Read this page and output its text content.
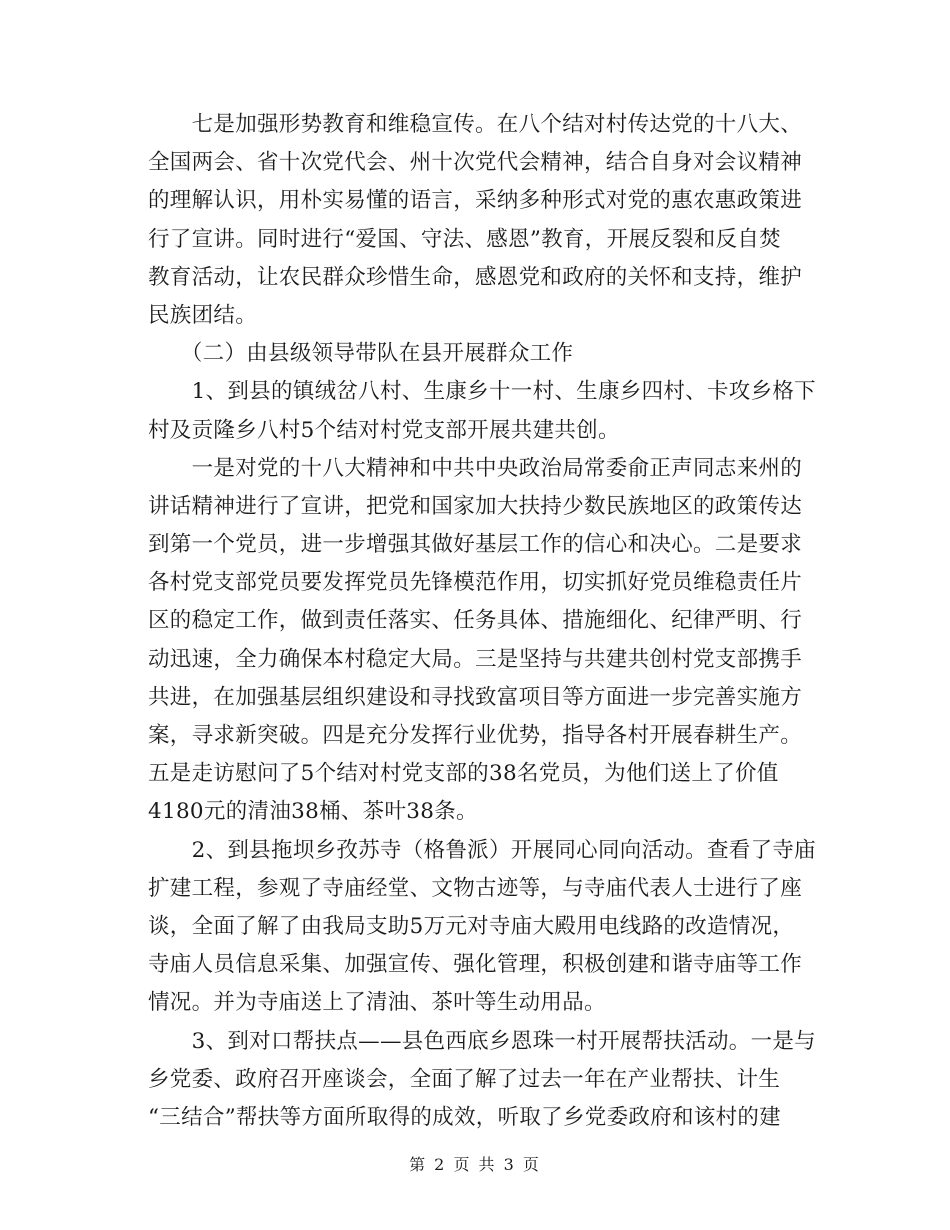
　　七是加强形势教育和维稳宣传。在八个结对村传达党的十八大、
全国两会、省十次党代会、州十次党代会精神，结合自身对会议精神
的理解认识，用朴实易懂的语言，采纳多种形式对党的惠农惠政策进
行了宣讲。同时进行“爱国、守法、感恩”教育，开展反裂和反自焚
教育活动，让农民群众珍惜生命，感恩党和政府的关怀和支持，维护
民族团结。
　　（二）由县级领导带队在县开展群众工作
　　1、到县的镇绒岔八村、生康乡十一村、生康乡四村、卡攻乡格下
村及贡隆乡八村5个结对村党支部开展共建共创。
　　一是对党的十八大精神和中共中央政治局常委俞正声同志来州的
讲话精神进行了宣讲，把党和国家加大扶持少数民族地区的政策传达
到第一个党员，进一步增强其做好基层工作的信心和决心。二是要求
各村党支部党员要发挥党员先锋模范作用，切实抓好党员维稳责任片
区的稳定工作，做到责任落实、任务具体、措施细化、纪律严明、行
动迅速，全力确保本村稳定大局。三是坚持与共建共创村党支部携手
共进，在加强基层组织建设和寻找致富项目等方面进一步完善实施方
案，寻求新突破。四是充分发挥行业优势，指导各村开展春耕生产。
五是走访慰问了5个结对村党支部的38名党员，为他们送上了价值
4180元的清油38桶、茶叶38条。
　　2、到县拖坝乡孜苏寺（格鲁派）开展同心同向活动。查看了寺庙
扩建工程，参观了寺庙经堂、文物古迹等，与寺庙代表人士进行了座
谈，全面了解了由我局支助5万元对寺庙大殿用电线路的改造情况，
寺庙人员信息采集、加强宣传、强化管理，积极创建和谐寺庙等工作
情况。并为寺庙送上了清油、茶叶等生动用品。
　　3、到对口帮扶点——县色西底乡恩珠一村开展帮扶活动。一是与
乡党委、政府召开座谈会，全面了解了过去一年在产业帮扶、计生
“三结合”帮扶等方面所取得的成效，听取了乡党委政府和该村的建
第 2 页 共 3 页
